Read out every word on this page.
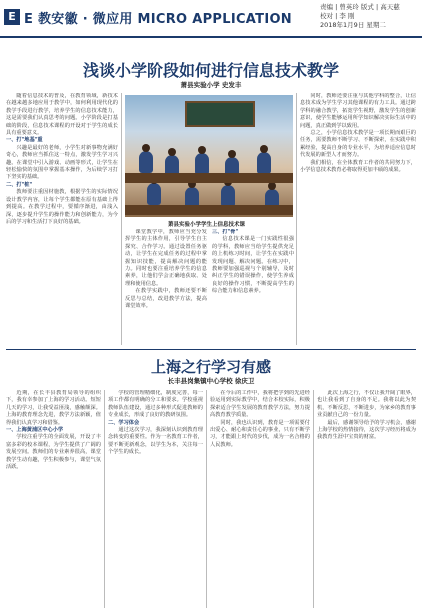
E E 教安徽 · 微应用 MICRO APPLICATION
责编 | 曾英玲 版式 | 高天慈
校对 | 李 刚
2018年1月9日 星期二
浅谈小学阶段如何进行信息技术教学
萧县实验小学 史发丰
萧县实验小学学生上信息技术课

随着信息技术的普及，在教育领域，新技术在越来越多地应用于教学中，如何利用现代化的教学手段进行教学，培养学生的信息技术能力，这是需要我们认真思考的问题。小学阶段是打基础的阶段，信息技术课程的开设对于学生的成长具有重要意义。

一、打"地基"重

兴趣是最好的老师，小学生对新事物充满好奇心，教师应当抓住这一特点，激发学生学习兴趣。在课堂中引入游戏、动画等形式，让学生在轻松愉快的氛围中掌握基本操作，为后续学习打下坚实的基础。

二、打"桩"

教师要注重因材施教，根据学生的实际情况设计教学内容，让每个学生都能在原有基础上得到提高。在教学过程中，要循序渐进，由浅入深，逐步提升学生的操作能力和创新能力，为今后的学习和生活打下良好的基础。

课堂教学中，教师应当充分发挥学生的主体作用，引导学生自主探究、合作学习。通过设置任务驱动，让学生在完成任务的过程中掌握知识技能，提高解决问题的能力。同时也要注重培养学生的信息素养，让他们学会正确地获取、处理和使用信息。

在教学实践中，教师还要不断反思与总结，改进教学方法，提高课堂效率。

三、打"骨"

信息技术课是一门实践性很强的学科，教师应当给学生提供充足的上机练习时间，让学生在实践中发现问题、解决问题。在练习中，教师要加强巡视与个别辅导，及时纠正学生的错误操作，使学生养成良好的操作习惯，不断提高学生的综合能力和信息素养。

同时，教师还要注重与其他学科的整合，让信息技术成为学生学习其他课程的有力工具。通过跨学科的融合教学，拓宽学生视野，激发学生的创新意识，使学生能够运用所学知识解决实际生活中的问题，真正做到学以致用。

总之，小学信息技术教学是一项长期而艰巨的任务，需要教师不断学习、不断探索，在实践中积累经验，提高自身的专业水平，为培养适应信息时代发展的新型人才而努力。

我们相信，在全体教育工作者的共同努力下，小学信息技术教育必将取得更加丰硕的成果。

上海之行学习有感
长丰县岗集镇中心学校 徐庆卫

近期，在长丰县教育局领导的组织下，我有幸参加了上海的学习活动。短短几天的学习，让我受益匪浅，感触颇深。上海的教育理念先进，教学方法新颖，值得我们认真学习和借鉴。

一、上海黄浦区中心小学

学校注重学生的全面发展，开设了丰富多彩的校本课程，为学生提供了广阔的发展空间。教师们的专业素养很高，课堂教学生动有趣，学生积极参与，课堂气氛活跃。

学校的管理精细化，制度完善，每一项工作都有明确的分工和要求。学校重视教师队伍建设，通过多种形式促进教师的专业成长，形成了良好的教研氛围。

二、学习体会

通过这次学习，我深刻认识到教育理念转变的重要性。作为一名教育工作者，要不断更新观念，以学生为本，关注每一个学生的成长。

在今后的工作中，我将把学到的先进经验运用到实际教学中，结合本校实际，积极探索适合学生发展的教育教学方法，努力提高教育教学质量。

同时，我也认识到，教育是一项需要付出爱心、耐心和责任心的事业，只有不断学习，才能跟上时代的步伐，成为一名合格的人民教师。

此次上海之行，不仅让我开阔了眼界，也让我看到了自身的不足。我将以此为契机，不断反思，不断进步，为家乡的教育事业贡献自己的一份力量。

最后，感谢领导给予的学习机会，感谢上海学校的热情接待，这次学习经历将成为我教育生涯中宝贵的财富。
